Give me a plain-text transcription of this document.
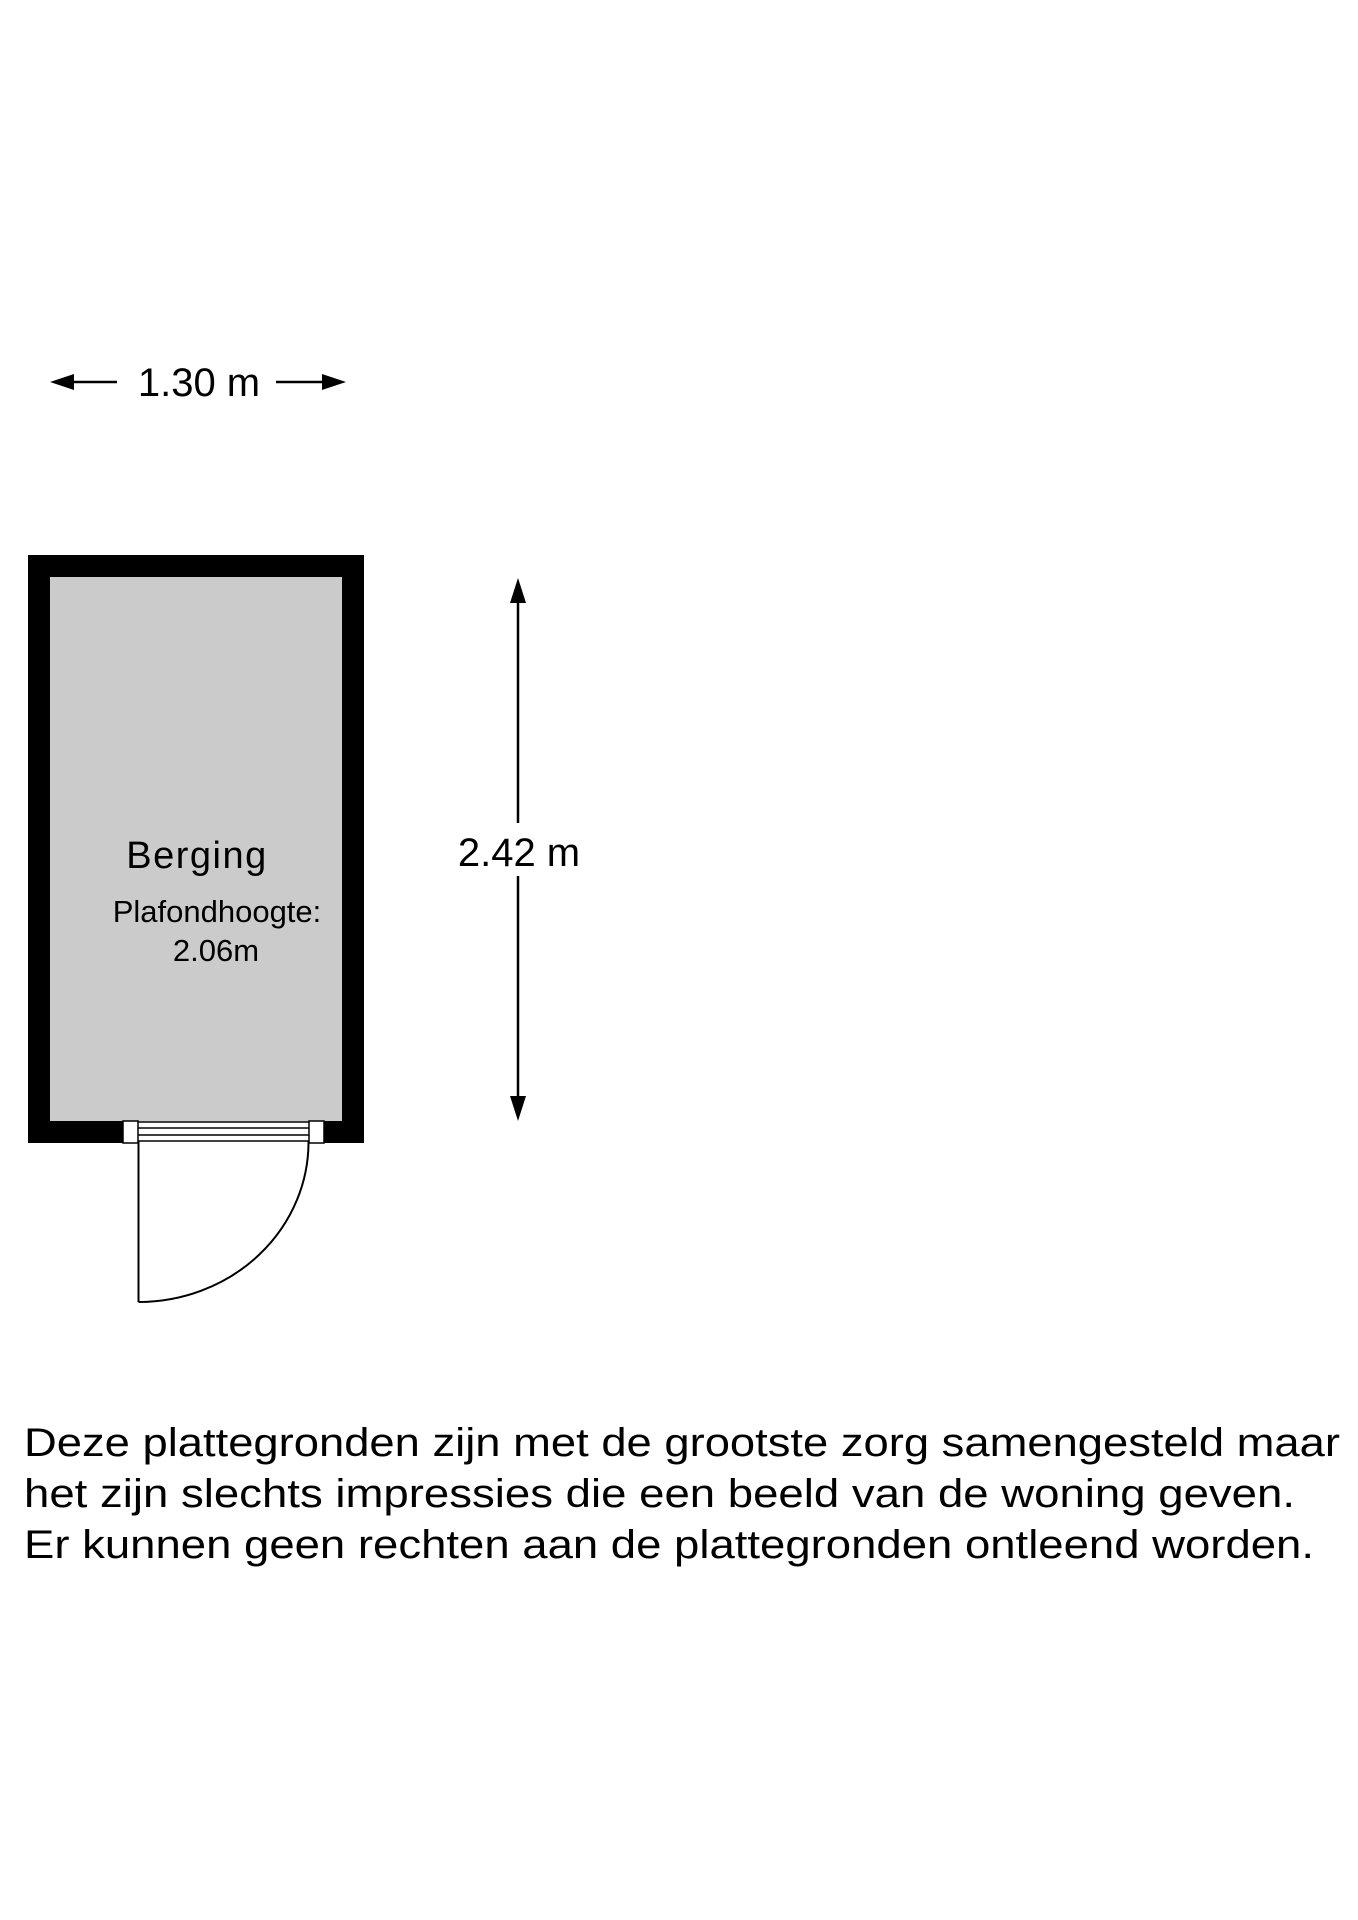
1.30 m
Berging
Plafondhoogte:
2.06m
2.42 m
Deze plattegronden zijn met de grootste zorg samengesteld maar
het zijn slechts impressies die een beeld van de woning geven.
Er kunnen geen rechten aan de plattegronden ontleend worden.
